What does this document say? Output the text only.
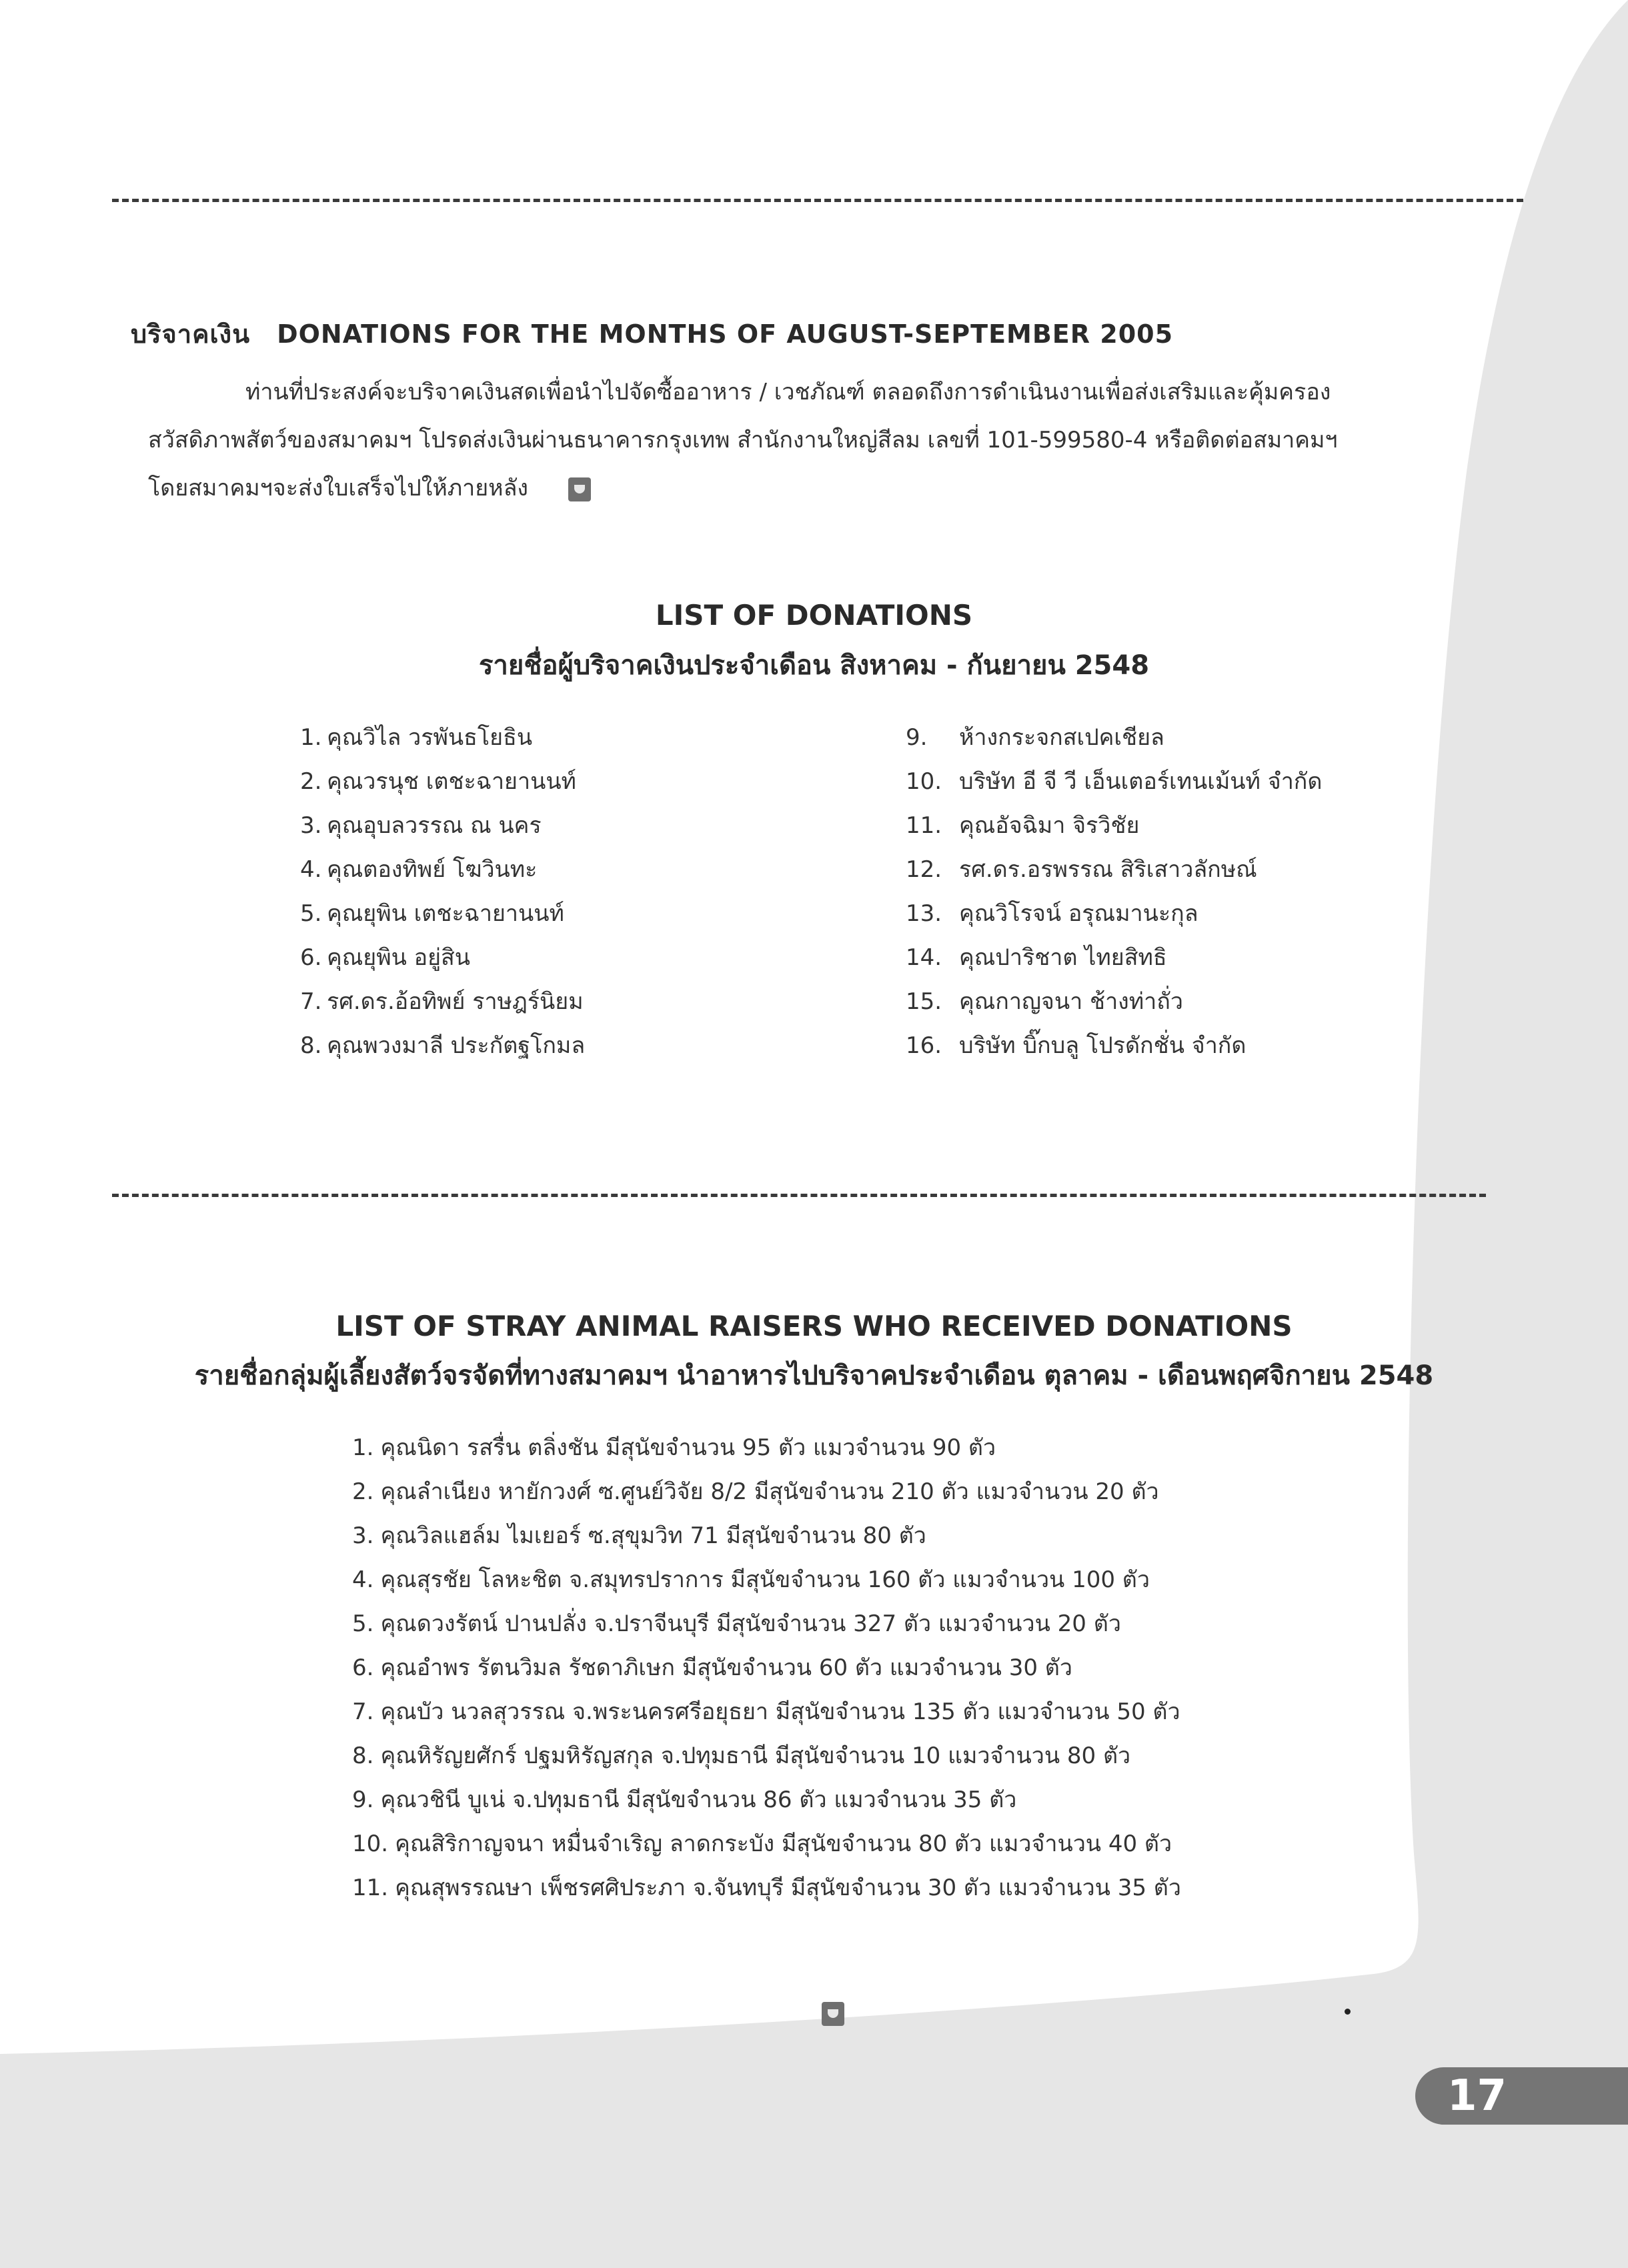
บริจาคเงิน DONATIONS FOR THE MONTHS OF AUGUST-SEPTEMBER 2005

ท่านที่ประสงค์จะบริจาคเงินสดเพื่อนำไปจัดซื้ออาหาร / เวชภัณฑ์ ตลอดถึงการดำเนินงานเพื่อส่งเสริมและคุ้มครอง
สวัสดิภาพสัตว์ของสมาคมฯ โปรดส่งเงินผ่านธนาคารกรุงเทพ สำนักงานใหญ่สีลม เลขที่ 101-599580-4 หรือติดต่อสมาคมฯ
โดยสมาคมฯจะส่งใบเสร็จไปให้ภายหลัง

LIST OF DONATIONS
รายชื่อผู้บริจาคเงินประจำเดือน สิงหาคม - กันยายน 2548
1. คุณวิไล วรพันธโยธิน
2. คุณวรนุช เตชะฉายานนท์
3. คุณอุบลวรรณ ณ นคร
4. คุณตองทิพย์ โฆวินทะ
5. คุณยุพิน เตชะฉายานนท์
6. คุณยุพิน อยู่สิน
7. รศ.ดร.อ้อทิพย์ ราษฎร์นิยม
8. คุณพวงมาลี ประกัตฐโกมล
9. ห้างกระจกสเปคเชียล
10. บริษัท อี จี วี เอ็นเตอร์เทนเม้นท์ จำกัด
11. คุณอัจฉิมา จิรวิชัย
12. รศ.ดร.อรพรรณ สิริเสาวลักษณ์
13. คุณวิโรจน์ อรุณมานะกุล
14. คุณปาริชาต ไทยสิทธิ
15. คุณกาญจนา ช้างท่าถั่ว
16. บริษัท บิ๊กบลู โปรดักชั่น จำกัด
LIST OF STRAY ANIMAL RAISERS WHO RECEIVED DONATIONS
รายชื่อกลุ่มผู้เลี้ยงสัตว์จรจัดที่ทางสมาคมฯ นำอาหารไปบริจาคประจำเดือน ตุลาคม - เดือนพฤศจิกายน 2548
1. คุณนิดา รสรื่น ตลิ่งชัน มีสุนัขจำนวน 95 ตัว แมวจำนวน 90 ตัว
2. คุณลำเนียง หายักวงศ์ ซ.ศูนย์วิจัย 8/2 มีสุนัขจำนวน 210 ตัว แมวจำนวน 20 ตัว
3. คุณวิลแฮล์ม ไมเยอร์ ซ.สุขุมวิท 71 มีสุนัขจำนวน 80 ตัว
4. คุณสุรชัย โลหะชิต จ.สมุทรปราการ มีสุนัขจำนวน 160 ตัว แมวจำนวน 100 ตัว
5. คุณดวงรัตน์ ปานปลั่ง จ.ปราจีนบุรี มีสุนัขจำนวน 327 ตัว แมวจำนวน 20 ตัว
6. คุณอำพร รัตนวิมล รัชดาภิเษก มีสุนัขจำนวน 60 ตัว แมวจำนวน 30 ตัว
7. คุณบัว นวลสุวรรณ จ.พระนครศรีอยุธยา มีสุนัขจำนวน 135 ตัว แมวจำนวน 50 ตัว
8. คุณหิรัญยศักร์ ปฐมหิรัญสกุล จ.ปทุมธานี มีสุนัขจำนวน 10 แมวจำนวน 80 ตัว
9. คุณวชินี บูเน่ จ.ปทุมธานี มีสุนัขจำนวน 86 ตัว แมวจำนวน 35 ตัว
10. คุณสิริกาญจนา หมื่นจำเริญ ลาดกระบัง มีสุนัขจำนวน 80 ตัว แมวจำนวน 40 ตัว
11. คุณสุพรรณษา เพ็ชรศศิประภา จ.จันทบุรี มีสุนัขจำนวน 30 ตัว แมวจำนวน 35 ตัว
17
